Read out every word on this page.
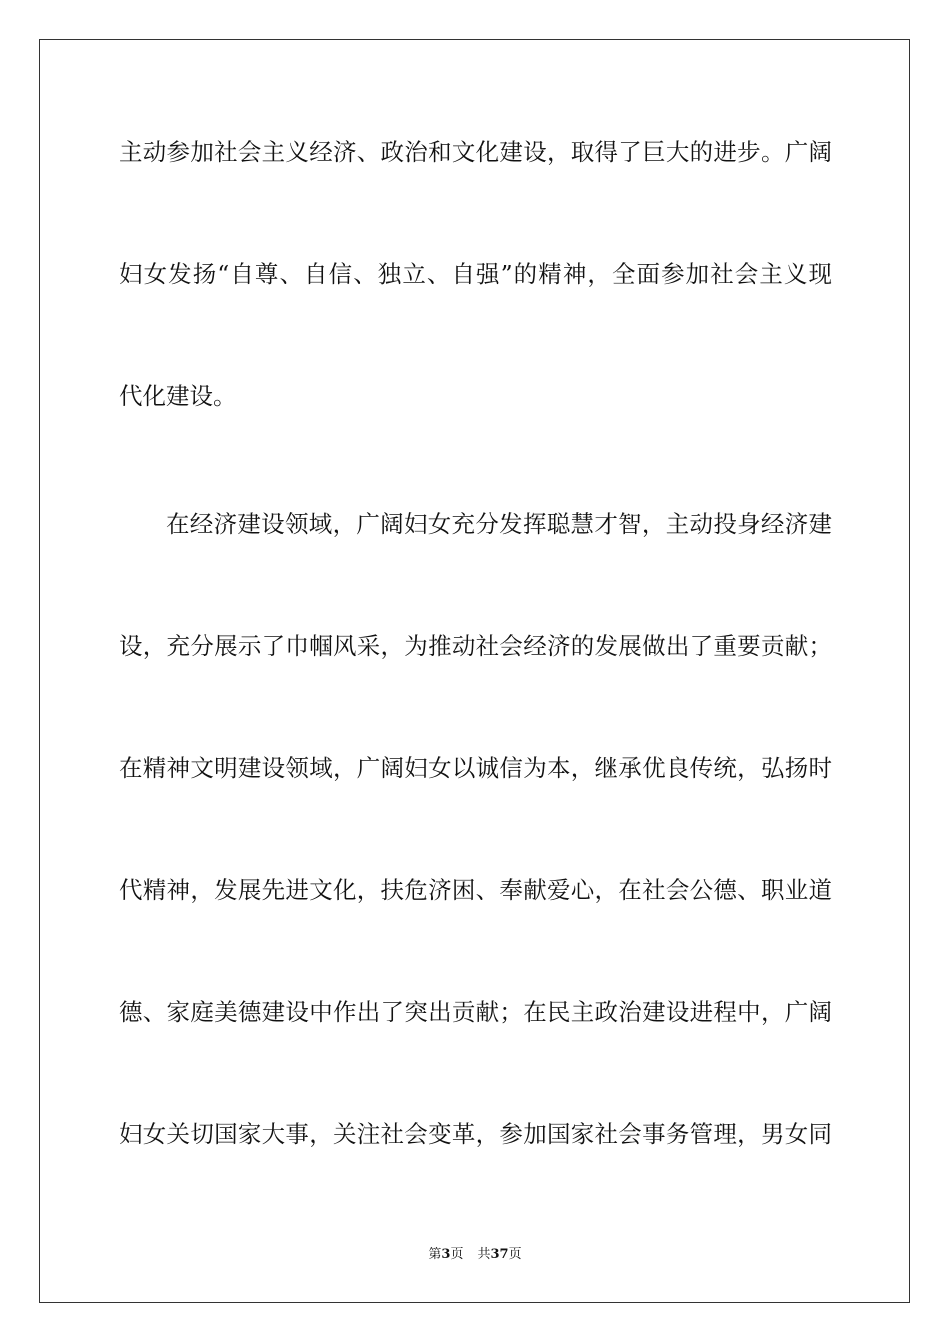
主动参加社会主义经济、政治和文化建设，取得了巨大的进步。广阔
妇女发扬“自尊、自信、独立、自强”的精神，全面参加社会主义现
代化建设。
在经济建设领域，广阔妇女充分发挥聪慧才智，主动投身经济建
设，充分展示了巾帼风采，为推动社会经济的发展做出了重要贡献；
在精神文明建设领域，广阔妇女以诚信为本，继承优良传统，弘扬时
代精神，发展先进文化，扶危济困、奉献爱心，在社会公德、职业道
德、家庭美德建设中作出了突出贡献；在民主政治建设进程中，广阔
妇女关切国家大事，关注社会变革，参加国家社会事务管理，男女同
第3页 共37页
